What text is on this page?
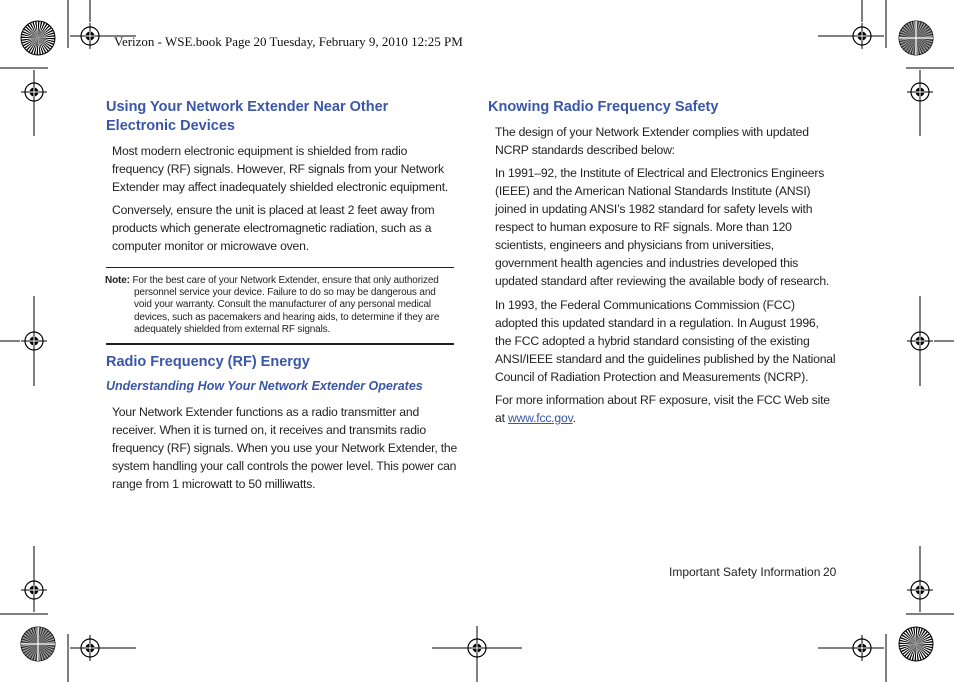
Verizon - WSE.book Page 20 Tuesday, February 9, 2010 12:25 PM
Using Your Network Extender Near Other Electronic Devices

Most modern electronic equipment is shielded from radio frequency (RF) signals. However, RF signals from your Network Extender may affect inadequately shielded electronic equipment.

Conversely, ensure the unit is placed at least 2 feet away from products which generate electromagnetic radiation, such as a computer monitor or microwave oven.

Note: For the best care of your Network Extender, ensure that only authorized personnel service your device. Failure to do so may be dangerous and void your warranty. Consult the manufacturer of any personal medical devices, such as pacemakers and hearing aids, to determine if they are adequately shielded from external RF signals.
Radio Frequency (RF) Energy
Understanding How Your Network Extender Operates

Your Network Extender functions as a radio transmitter and receiver. When it is turned on, it receives and transmits radio frequency (RF) signals. When you use your Network Extender, the system handling your call controls the power level. This power can range from 1 microwatt to 50 milliwatts.

Knowing Radio Frequency Safety

The design of your Network Extender complies with updated NCRP standards described below:

In 1991–92, the Institute of Electrical and Electronics Engineers (IEEE) and the American National Standards Institute (ANSI) joined in updating ANSI’s 1982 standard for safety levels with respect to human exposure to RF signals. More than 120 scientists, engineers and physicians from universities, government health agencies and industries developed this updated standard after reviewing the available body of research.

In 1993, the Federal Communications Commission (FCC) adopted this updated standard in a regulation. In August 1996, the FCC adopted a hybrid standard consisting of the existing ANSI/IEEE standard and the guidelines published by the National Council of Radiation Protection and Measurements (NCRP).

For more information about RF exposure, visit the FCC Web site at www.fcc.gov.

Important Safety Information 20
